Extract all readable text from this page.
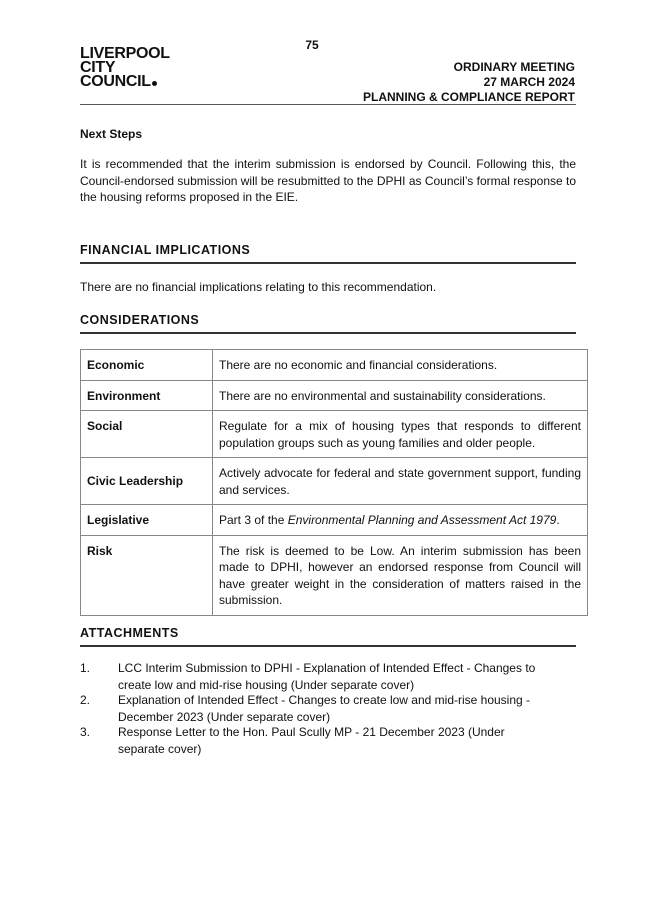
75
LIVERPOOL
CITY
COUNCIL
ORDINARY MEETING
27 MARCH 2024
PLANNING & COMPLIANCE REPORT
Next Steps
It is recommended that the interim submission is endorsed by Council. Following this, the Council-endorsed submission will be resubmitted to the DPHI as Council’s formal response to the housing reforms proposed in the EIE.
FINANCIAL IMPLICATIONS
There are no financial implications relating to this recommendation.
CONSIDERATIONS
Economic	There are no economic and financial considerations.
Environment	There are no environmental and sustainability considerations.
Social	Regulate for a mix of housing types that responds to different population groups such as young families and older people.
Civic Leadership	Actively advocate for federal and state government support, funding and services.
Legislative	Part 3 of the Environmental Planning and Assessment Act 1979.
Risk	The risk is deemed to be Low. An interim submission has been made to DPHI, however an endorsed response from Council will have greater weight in the consideration of matters raised in the submission.
ATTACHMENTS
1. LCC Interim Submission to DPHI - Explanation of Intended Effect - Changes to create low and mid-rise housing (Under separate cover)
2. Explanation of Intended Effect - Changes to create low and mid-rise housing - December 2023 (Under separate cover)
3. Response Letter to the Hon. Paul Scully MP - 21 December 2023 (Under separate cover)
